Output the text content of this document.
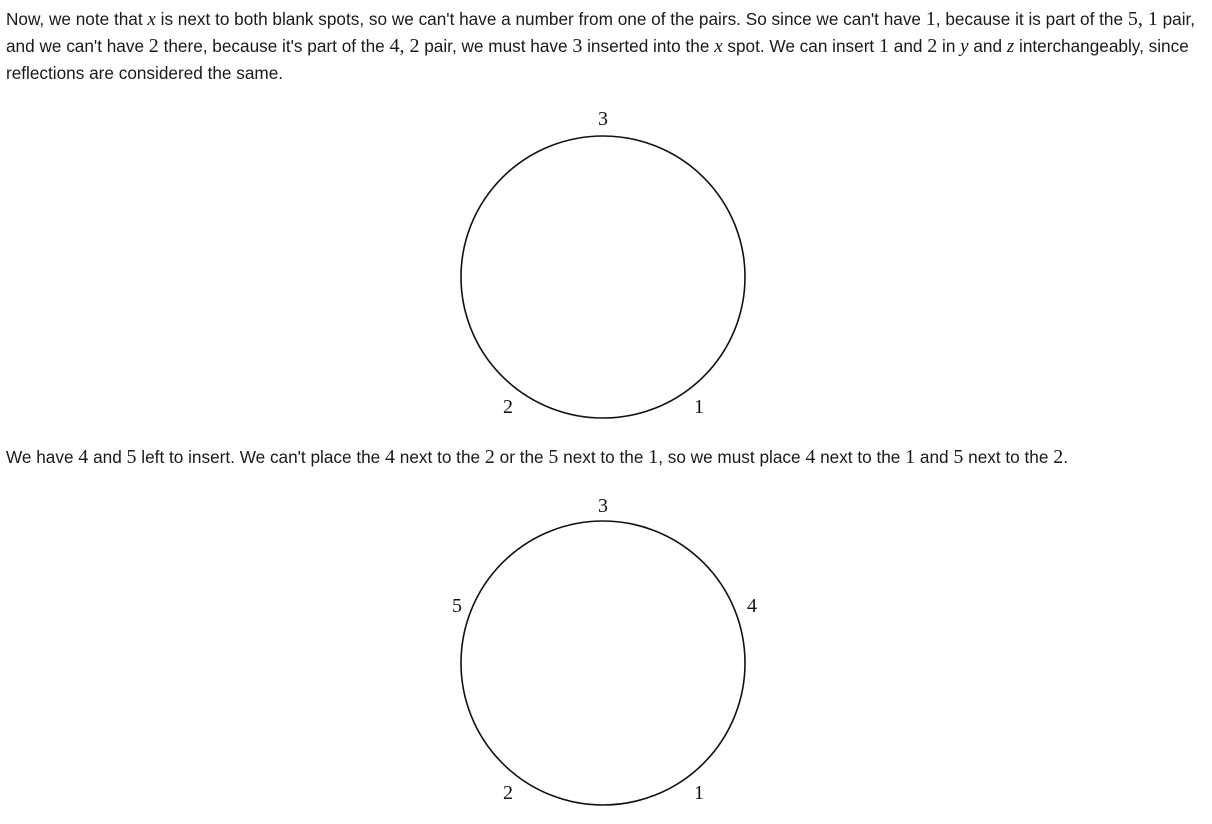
Now, we note that x is next to both blank spots, so we can't have a number from one of the pairs. So since we can't have 1, because it is part of the 5, 1 pair, and we can't have 2 there, because it's part of the 4, 2 pair, we must have 3 inserted into the x spot. We can insert 1 and 2 in y and z interchangeably, since reflections are considered the same.

3
2	1

We have 4 and 5 left to insert. We can't place the 4 next to the 2 or the 5 next to the 1, so we must place 4 next to the 1 and 5 next to the 2.

3
5	4
2	1
